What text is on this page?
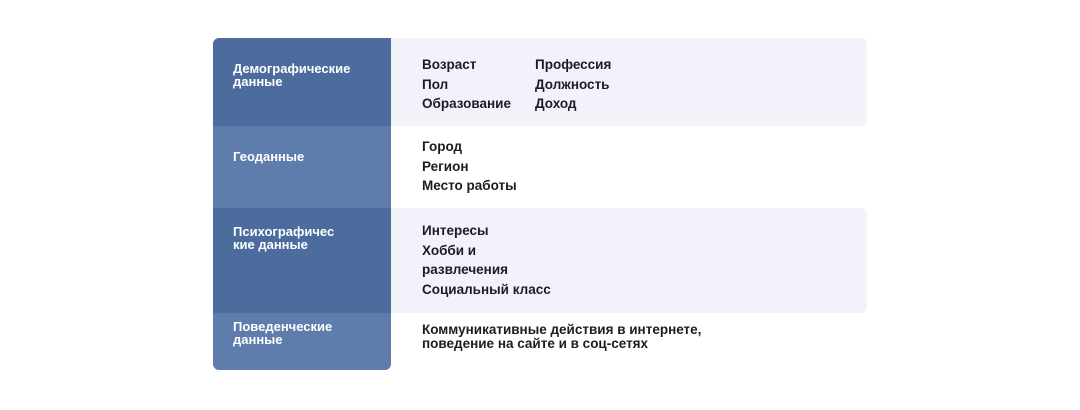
Демографические
данные
Возраст
Пол
Образование
Профессия
Должность
Доход
Геоданные
Город
Регион
Место работы
Психографичес
кие данные
Интересы
Хобби и
развлечения
Социальный класс
Поведенческие
данные
Коммуникативные действия в интернете,
поведение на сайте и в соц-сетях
